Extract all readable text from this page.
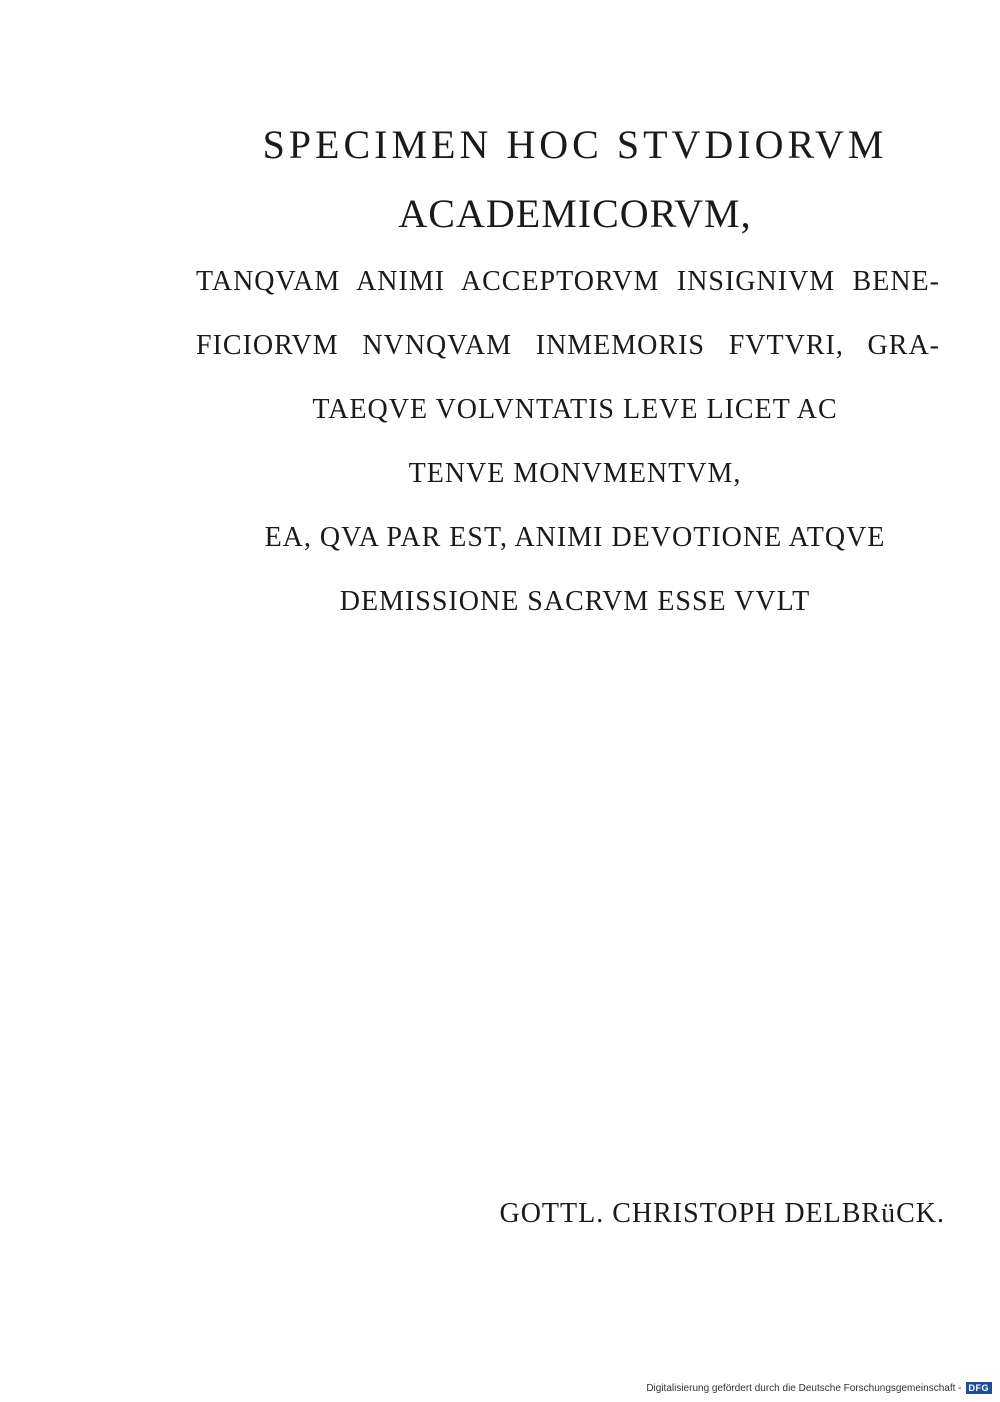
SPECIMEN HOC STVDIORVM
ACADEMICORVM,
TANQVAM ANIMI ACCEPTORVM INSIGNIVM BENE-
FICIORVM NVNQVAM INMEMORIS FVTVRI, GRA-
TAEQVE VOLVNTATIS LEVE LICET AC
TENVE MONVMENTVM,
EA, QVA PAR EST, ANIMI DEVOTIONE ATQVE
DEMISSIONE SACRVM ESSE VVLT
GOTTL. CHRISTOPH DELBRüCK.
Digitalisierung gefördert durch die Deutsche Forschungsgemeinschaft - DFG
